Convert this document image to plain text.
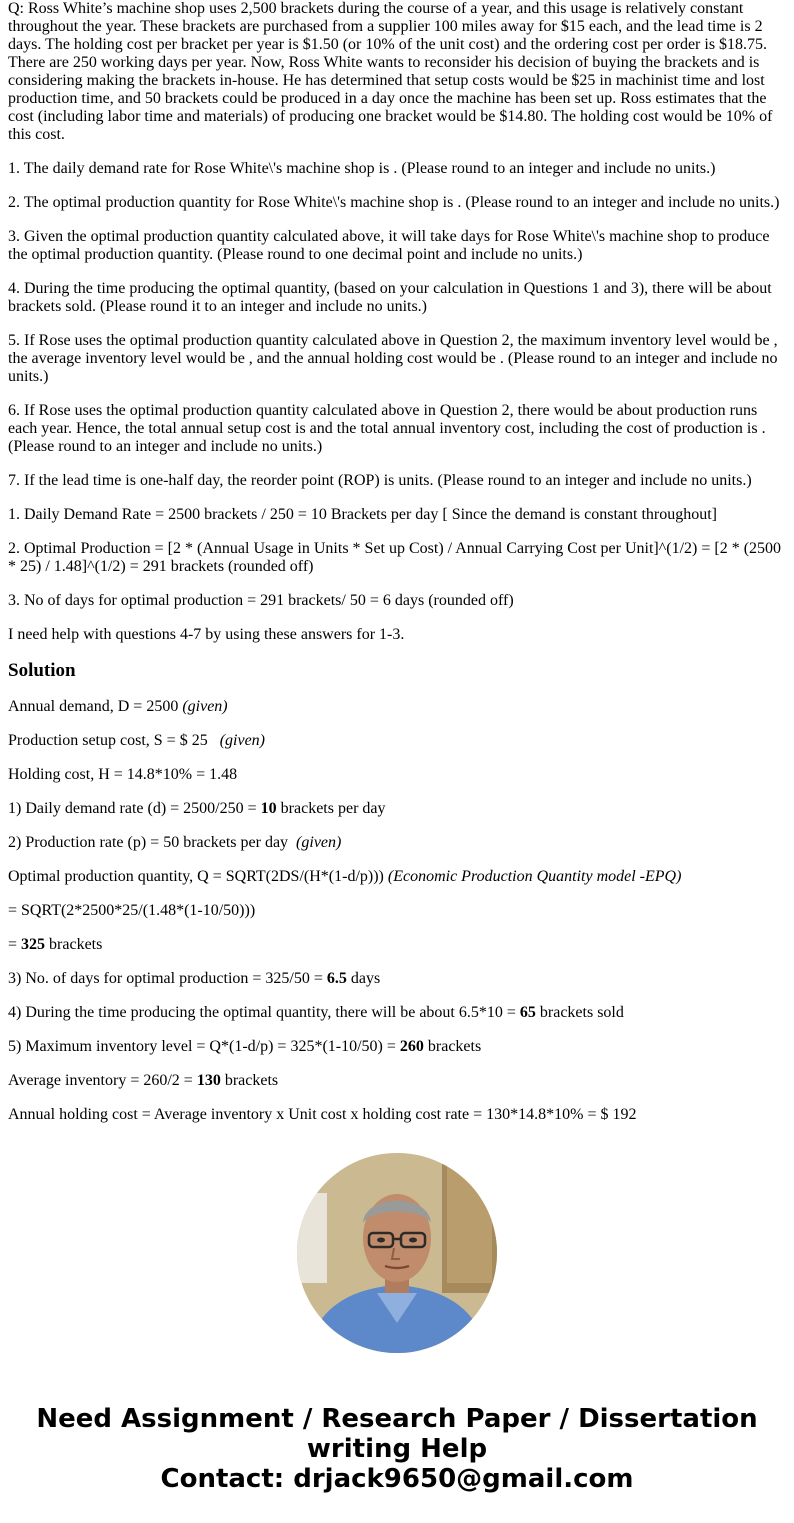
Q: Ross White’s machine shop uses 2,500 brackets during the course of a year, and this usage is relatively constant throughout the year. These brackets are purchased from a supplier 100 miles away for $15 each, and the lead time is 2 days. The holding cost per bracket per year is $1.50 (or 10% of the unit cost) and the ordering cost per order is $18.75. There are 250 working days per year. Now, Ross White wants to reconsider his decision of buying the brackets and is considering making the brackets in-house. He has determined that setup costs would be $25 in machinist time and lost production time, and 50 brackets could be produced in a day once the machine has been set up. Ross estimates that the cost (including labor time and materials) of producing one bracket would be $14.80. The holding cost would be 10% of this cost.

1. The daily demand rate for Rose White\'s machine shop is . (Please round to an integer and include no units.)

2. The optimal production quantity for Rose White\'s machine shop is . (Please round to an integer and include no units.)

3. Given the optimal production quantity calculated above, it will take days for Rose White\'s machine shop to produce the optimal production quantity. (Please round to one decimal point and include no units.)

4. During the time producing the optimal quantity, (based on your calculation in Questions 1 and 3), there will be about brackets sold. (Please round it to an integer and include no units.)

5. If Rose uses the optimal production quantity calculated above in Question 2, the maximum inventory level would be , the average inventory level would be , and the annual holding cost would be . (Please round to an integer and include no units.)

6. If Rose uses the optimal production quantity calculated above in Question 2, there would be about production runs each year. Hence, the total annual setup cost is and the total annual inventory cost, including the cost of production is . (Please round to an integer and include no units.)

7. If the lead time is one-half day, the reorder point (ROP) is units. (Please round to an integer and include no units.)

1. Daily Demand Rate = 2500 brackets / 250 = 10 Brackets per day [ Since the demand is constant throughout]

2. Optimal Production = [2 * (Annual Usage in Units * Set up Cost) / Annual Carrying Cost per Unit]^(1/2) = [2 * (2500 * 25) / 1.48]^(1/2) = 291 brackets (rounded off)

3. No of days for optimal production = 291 brackets/ 50 = 6 days (rounded off)

I need help with questions 4-7 by using these answers for 1-3.

Solution

Annual demand, D = 2500 (given)

Production setup cost, S = $ 25   (given)

Holding cost, H = 14.8*10% = 1.48

1) Daily demand rate (d) = 2500/250 = 10 brackets per day

2) Production rate (p) = 50 brackets per day  (given)

Optimal production quantity, Q = SQRT(2DS/(H*(1-d/p))) (Economic Production Quantity model -EPQ)

= SQRT(2*2500*25/(1.48*(1-10/50)))

= 325 brackets

3) No. of days for optimal production = 325/50 = 6.5 days

4) During the time producing the optimal quantity, there will be about 6.5*10 = 65 brackets sold

5) Maximum inventory level = Q*(1-d/p) = 325*(1-10/50) = 260 brackets

Average inventory = 260/2 = 130 brackets

Annual holding cost = Average inventory x Unit cost x holding cost rate = 130*14.8*10% = $ 192

Need Assignment / Research Paper / Dissertation
writing Help
Contact: drjack9650@gmail.com
